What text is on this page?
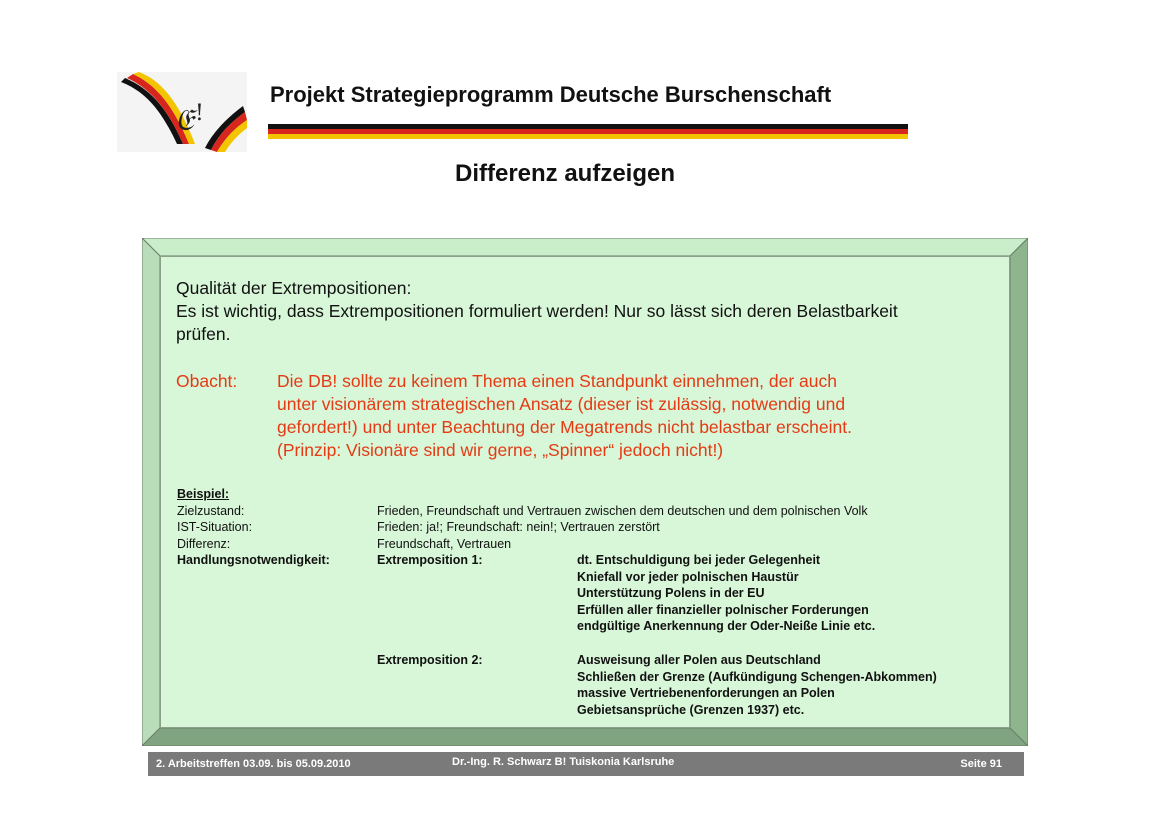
𝔈 !
Projekt Strategieprogramm Deutsche Burschenschaft
Differenz aufzeigen
Qualität der Extrempositionen:
Es ist wichtig, dass Extrempositionen formuliert werden! Nur so lässt sich deren Belastbarkeit
prüfen.
Obacht: Die DB! sollte zu keinem Thema einen Standpunkt einnehmen, der auch
unter visionärem strategischen Ansatz (dieser ist zulässig, notwendig und
gefordert!) und unter Beachtung der Megatrends nicht belastbar erscheint.
(Prinzip: Visionäre sind wir gerne, „Spinner“ jedoch nicht!)
Beispiel:
Zielzustand:	Frieden, Freundschaft und Vertrauen zwischen dem deutschen und dem polnischen Volk
IST-Situation:	Frieden: ja!; Freundschaft: nein!; Vertrauen zerstört
Differenz:	Freundschaft, Vertrauen
Handlungsnotwendigkeit:	Extremposition 1:	dt. Entschuldigung bei jeder Gelegenheit
Kniefall vor jeder polnischen Haustür
Unterstützung Polens in der EU
Erfüllen aller finanzieller polnischer Forderungen
endgültige Anerkennung der Oder-Neiße Linie etc.
Extremposition 2:	Ausweisung aller Polen aus Deutschland
Schließen der Grenze (Aufkündigung Schengen-Abkommen)
massive Vertriebenenforderungen an Polen
Gebietsansprüche (Grenzen 1937) etc.
2. Arbeitstreffen 03.09. bis 05.09.2010	Dr.-Ing. R. Schwarz B! Tuiskonia Karlsruhe	Seite 91
